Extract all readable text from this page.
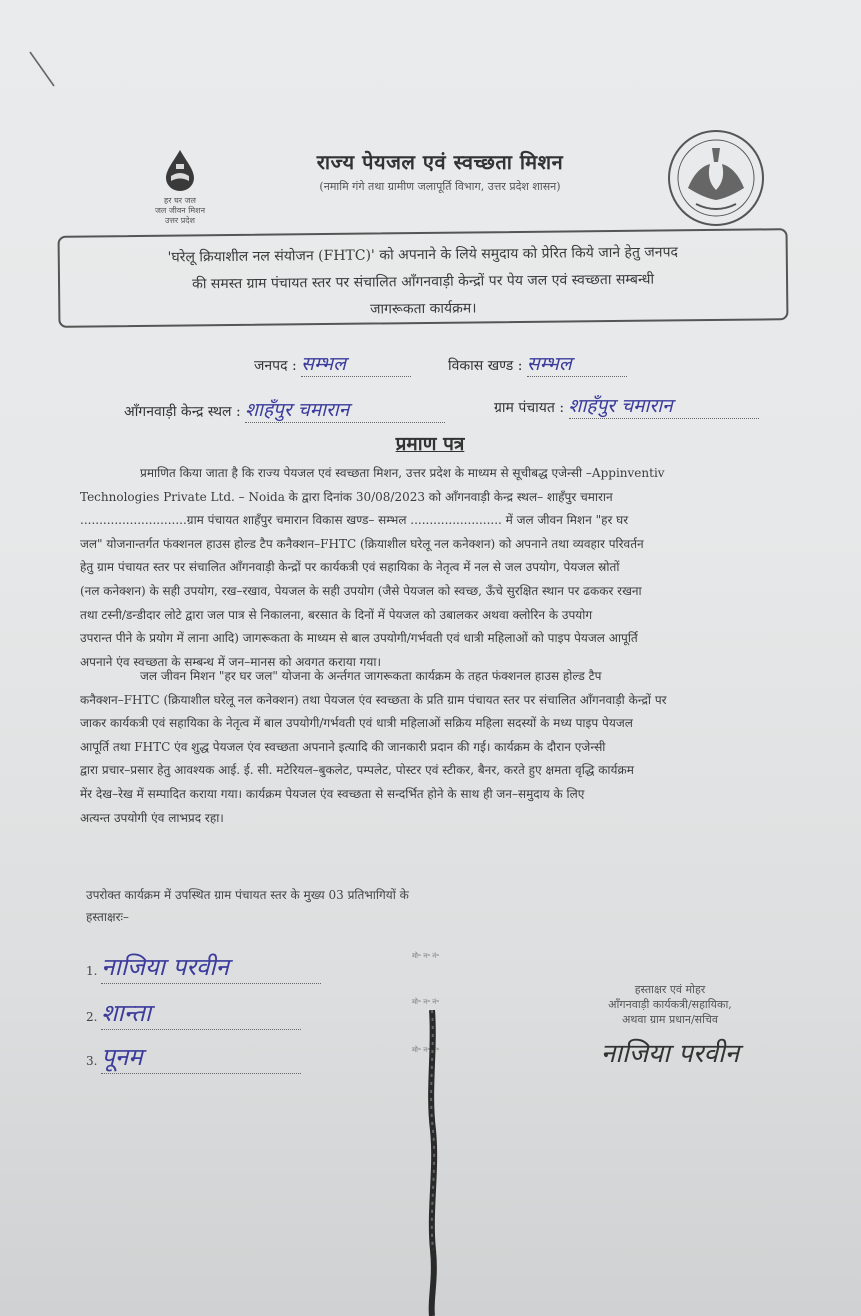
हर घर जल
जल जीवन मिशन
उत्तर प्रदेश
राज्य पेयजल एवं स्वच्छता मिशन
(नमामि गंगे तथा ग्रामीण जलापूर्ति विभाग, उत्तर प्रदेश शासन)
'घरेलू क्रियाशील नल संयोजन (FHTC)' को अपनाने के लिये समुदाय को प्रेरित किये जाने हेतु जनपद
की समस्त ग्राम पंचायत स्तर पर संचालित आँगनवाड़ी केन्द्रों पर पेय जल एवं स्वच्छता सम्बन्धी
जागरूकता कार्यक्रम।
जनपद : सम्भल	विकास खण्ड : सम्भल
आँगनवाड़ी केन्द्र स्थल : शाहँपुर चमारान	ग्राम पंचायत : शाहँपुर चमारान
प्रमाण पत्र
प्रमाणित किया जाता है कि राज्य पेयजल एवं स्वच्छता मिशन, उत्तर प्रदेश के माध्यम से सूचीबद्ध एजेन्सी –Appinventiv
Technologies Private Ltd. – Noida के द्वारा दिनांक 30/08/2023 को आँगनवाड़ी केन्द्र स्थल– शाहँपुर चमारान
............................ग्राम पंचायत शाहँपुर चमारान विकास खण्ड– सम्भल ........................ में जल जीवन मिशन "हर घर
जल" योजनान्तर्गत फंक्शनल हाउस होल्ड टैप कनैक्शन–FHTC (क्रियाशील घरेलू नल कनेक्शन) को अपनाने तथा व्यवहार परिवर्तन
हेतु ग्राम पंचायत स्तर पर संचालित आँगनवाड़ी केन्द्रों पर कार्यकत्री एवं सहायिका के नेतृत्व में नल से जल उपयोग, पेयजल स्रोतों
(नल कनेक्शन) के सही उपयोग, रख–रखाव, पेयजल के सही उपयोग (जैसे पेयजल को स्वच्छ, ऊँचे सुरक्षित स्थान पर ढककर रखना
तथा टस्नी/डन्डीदार लोटे द्वारा जल पात्र से निकालना, बरसात के दिनों में पेयजल को उबालकर अथवा क्लोरिन के उपयोग
उपरान्त पीने के प्रयोग में लाना आदि) जागरूकता के माध्यम से बाल उपयोगी/गर्भवती एवं धात्री महिलाओं को पाइप पेयजल आपूर्ति
अपनाने एंव स्वच्छता के सम्बन्ध में जन–मानस को अवगत कराया गया।
जल जीवन मिशन "हर घर जल" योजना के अर्न्तगत जागरूकता कार्यक्रम के तहत फंक्शनल हाउस होल्ड टैप
कनैक्शन–FHTC (क्रियाशील घरेलू नल कनेक्शन) तथा पेयजल एंव स्वच्छता के प्रति ग्राम पंचायत स्तर पर संचालित आँगनवाड़ी केन्द्रों पर
जाकर कार्यकत्री एवं सहायिका के नेतृत्व में बाल उपयोगी/गर्भवती एवं धात्री महिलाओं सक्रिय महिला सदस्यों के मध्य पाइप पेयजल
आपूर्ति तथा FHTC एंव शुद्ध पेयजल एंव स्वच्छता अपनाने इत्यादि की जानकारी प्रदान की गई। कार्यक्रम के दौरान एजेन्सी
द्वारा प्रचार–प्रसार हेतु आवश्यक आई. ई. सी. मटेरियल–बुकलेट, पम्पलेट, पोस्टर एवं स्टीकर, बैनर, करते हुए क्षमता वृद्धि कार्यक्रम
मेंर देख–रेख में सम्पादित कराया गया। कार्यक्रम पेयजल एंव स्वच्छता से सन्दर्भित होने के साथ ही जन–समुदाय के लिए
अत्यन्त उपयोगी एंव लाभप्रद रहा।
उपरोक्त कार्यक्रम में उपस्थित ग्राम पंचायत स्तर के मुख्य 03 प्रतिभागियों के
हस्ताक्षरः–
1. नाजिया परवीन	मो॰ न॰ नं॰
2. शान्ता	मो॰ न॰ नं॰
3. पूनम	मो॰ न॰ नं॰
हस्ताक्षर एवं मोहर
आँगनवाड़ी कार्यकत्री/सहायिका,
अथवा ग्राम प्रधान/सचिव
नाजिया परवीन
